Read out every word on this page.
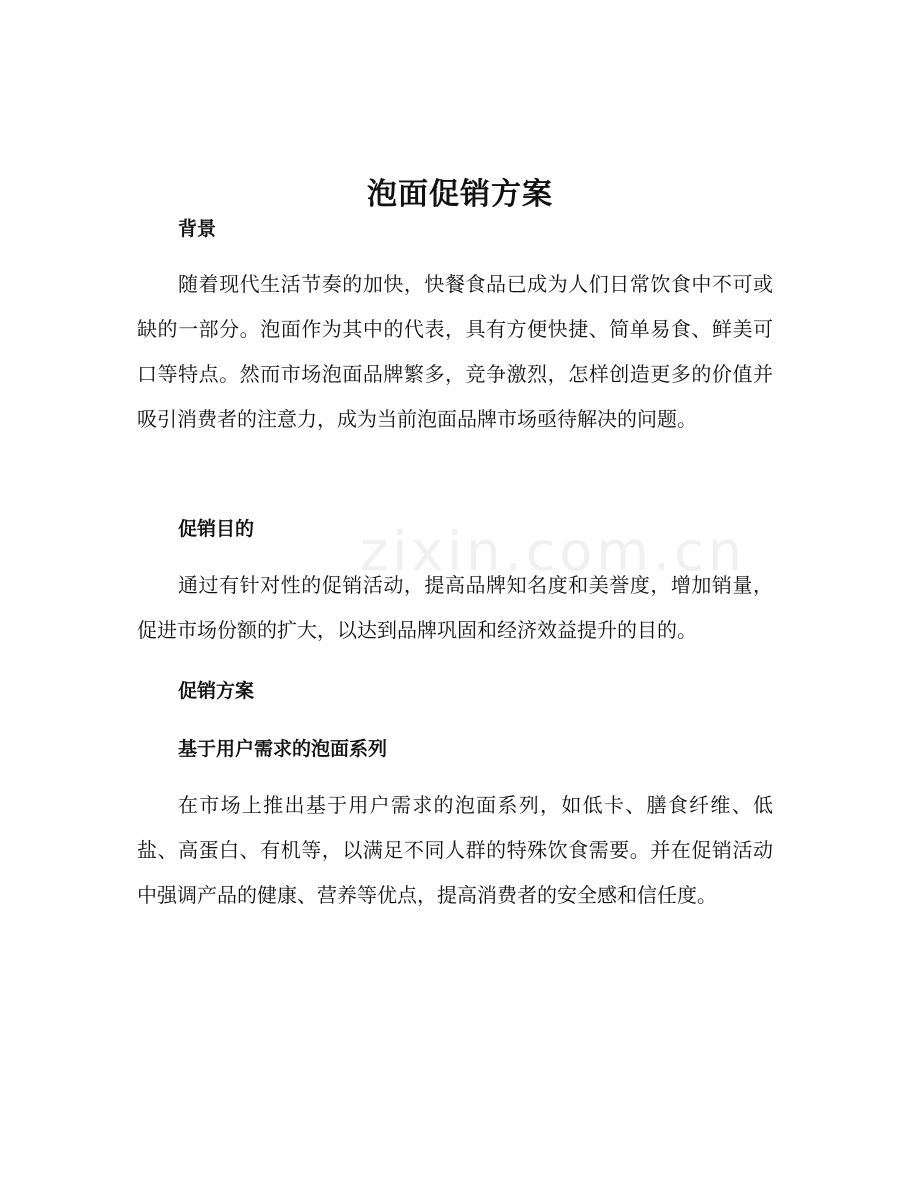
zixin.com.cn
泡面促销方案
背景

随着现代生活节奏的加快，快餐食品已成为人们日常饮食中不可或缺的一部分。泡面作为其中的代表，具有方便快捷、简单易食、鲜美可口等特点。然而市场泡面品牌繁多，竞争激烈，怎样创造更多的价值并吸引消费者的注意力，成为当前泡面品牌市场亟待解决的问题。

促销目的

通过有针对性的促销活动，提高品牌知名度和美誉度，增加销量，促进市场份额的扩大，以达到品牌巩固和经济效益提升的目的。

促销方案
基于用户需求的泡面系列

在市场上推出基于用户需求的泡面系列，如低卡、膳食纤维、低盐、高蛋白、有机等，以满足不同人群的特殊饮食需要。并在促销活动中强调产品的健康、营养等优点，提高消费者的安全感和信任度。
